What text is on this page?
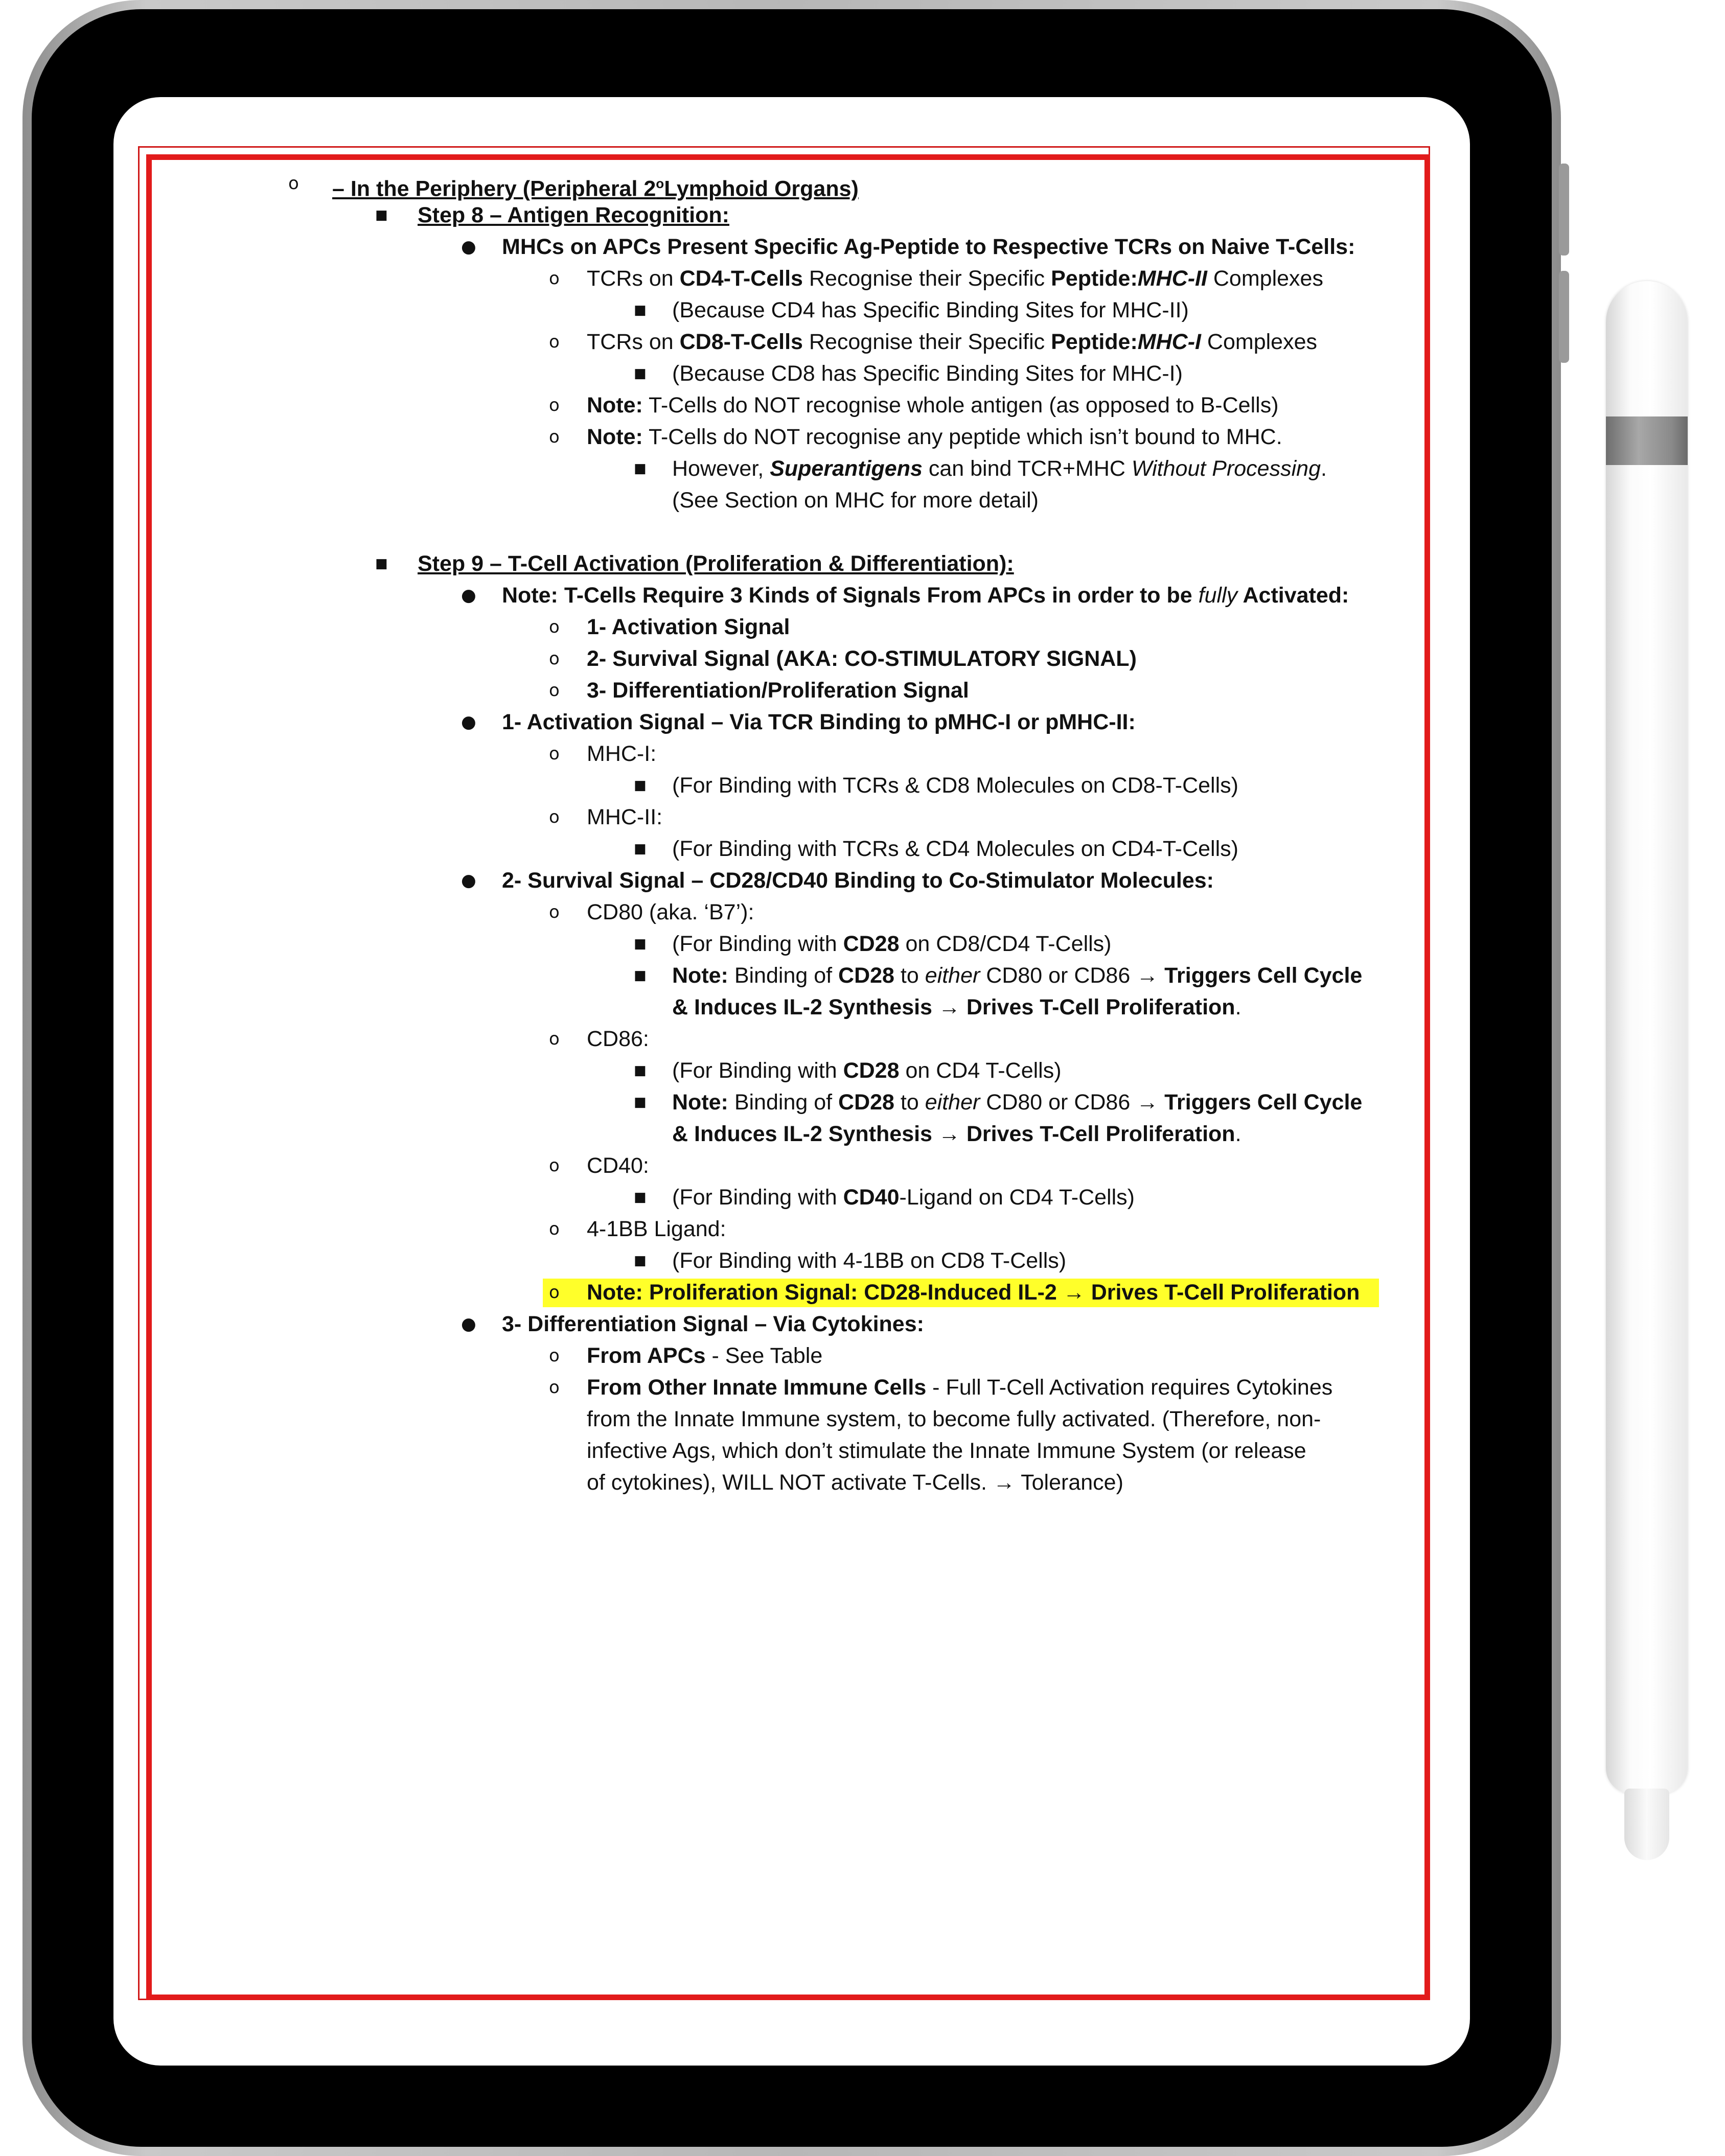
o – In the Periphery (Peripheral 2$^o$Lymphoid Organs)
■ Step 8 – Antigen Recognition:
● MHCs on APCs Present Specific Ag-Peptide to Respective TCRs on Naive T-Cells:
o TCRs on CD4-T-Cells Recognise their Specific Peptide:MHC-II Complexes
■ (Because CD4 has Specific Binding Sites for MHC-II)
o TCRs on CD8-T-Cells Recognise their Specific Peptide:MHC-I Complexes
■ (Because CD8 has Specific Binding Sites for MHC-I)
o Note: T-Cells do NOT recognise whole antigen (as opposed to B-Cells)
o Note: T-Cells do NOT recognise any peptide which isn’t bound to MHC.
■ However, Superantigens can bind TCR+MHC Without Processing.
(See Section on MHC for more detail)
■ Step 9 – T-Cell Activation (Proliferation & Differentiation):
● Note: T-Cells Require 3 Kinds of Signals From APCs in order to be fully Activated:
o 1- Activation Signal
o 2- Survival Signal (AKA: CO-STIMULATORY SIGNAL)
o 3- Differentiation/Proliferation Signal
● 1- Activation Signal – Via TCR Binding to pMHC-I or pMHC-II:
o MHC-I:
■ (For Binding with TCRs & CD8 Molecules on CD8-T-Cells)
o MHC-II:
■ (For Binding with TCRs & CD4 Molecules on CD4-T-Cells)
● 2- Survival Signal – CD28/CD40 Binding to Co-Stimulator Molecules:
o CD80 (aka. ‘B7’):
■ (For Binding with CD28 on CD8/CD4 T-Cells)
■ Note: Binding of CD28 to either CD80 or CD86 → Triggers Cell Cycle
& Induces IL-2 Synthesis → Drives T-Cell Proliferation.
o CD86:
■ (For Binding with CD28 on CD4 T-Cells)
■ Note: Binding of CD28 to either CD80 or CD86 → Triggers Cell Cycle
& Induces IL-2 Synthesis → Drives T-Cell Proliferation.
o CD40:
■ (For Binding with CD40-Ligand on CD4 T-Cells)
o 4-1BB Ligand:
■ (For Binding with 4-1BB on CD8 T-Cells)
o Note: Proliferation Signal: CD28-Induced IL-2 → Drives T-Cell Proliferation
● 3- Differentiation Signal – Via Cytokines:
o From APCs - See Table
o From Other Innate Immune Cells - Full T-Cell Activation requires Cytokines
from the Innate Immune system, to become fully activated. (Therefore, non-
infective Ags, which don’t stimulate the Innate Immune System (or release
of cytokines), WILL NOT activate T-Cells. → Tolerance)
